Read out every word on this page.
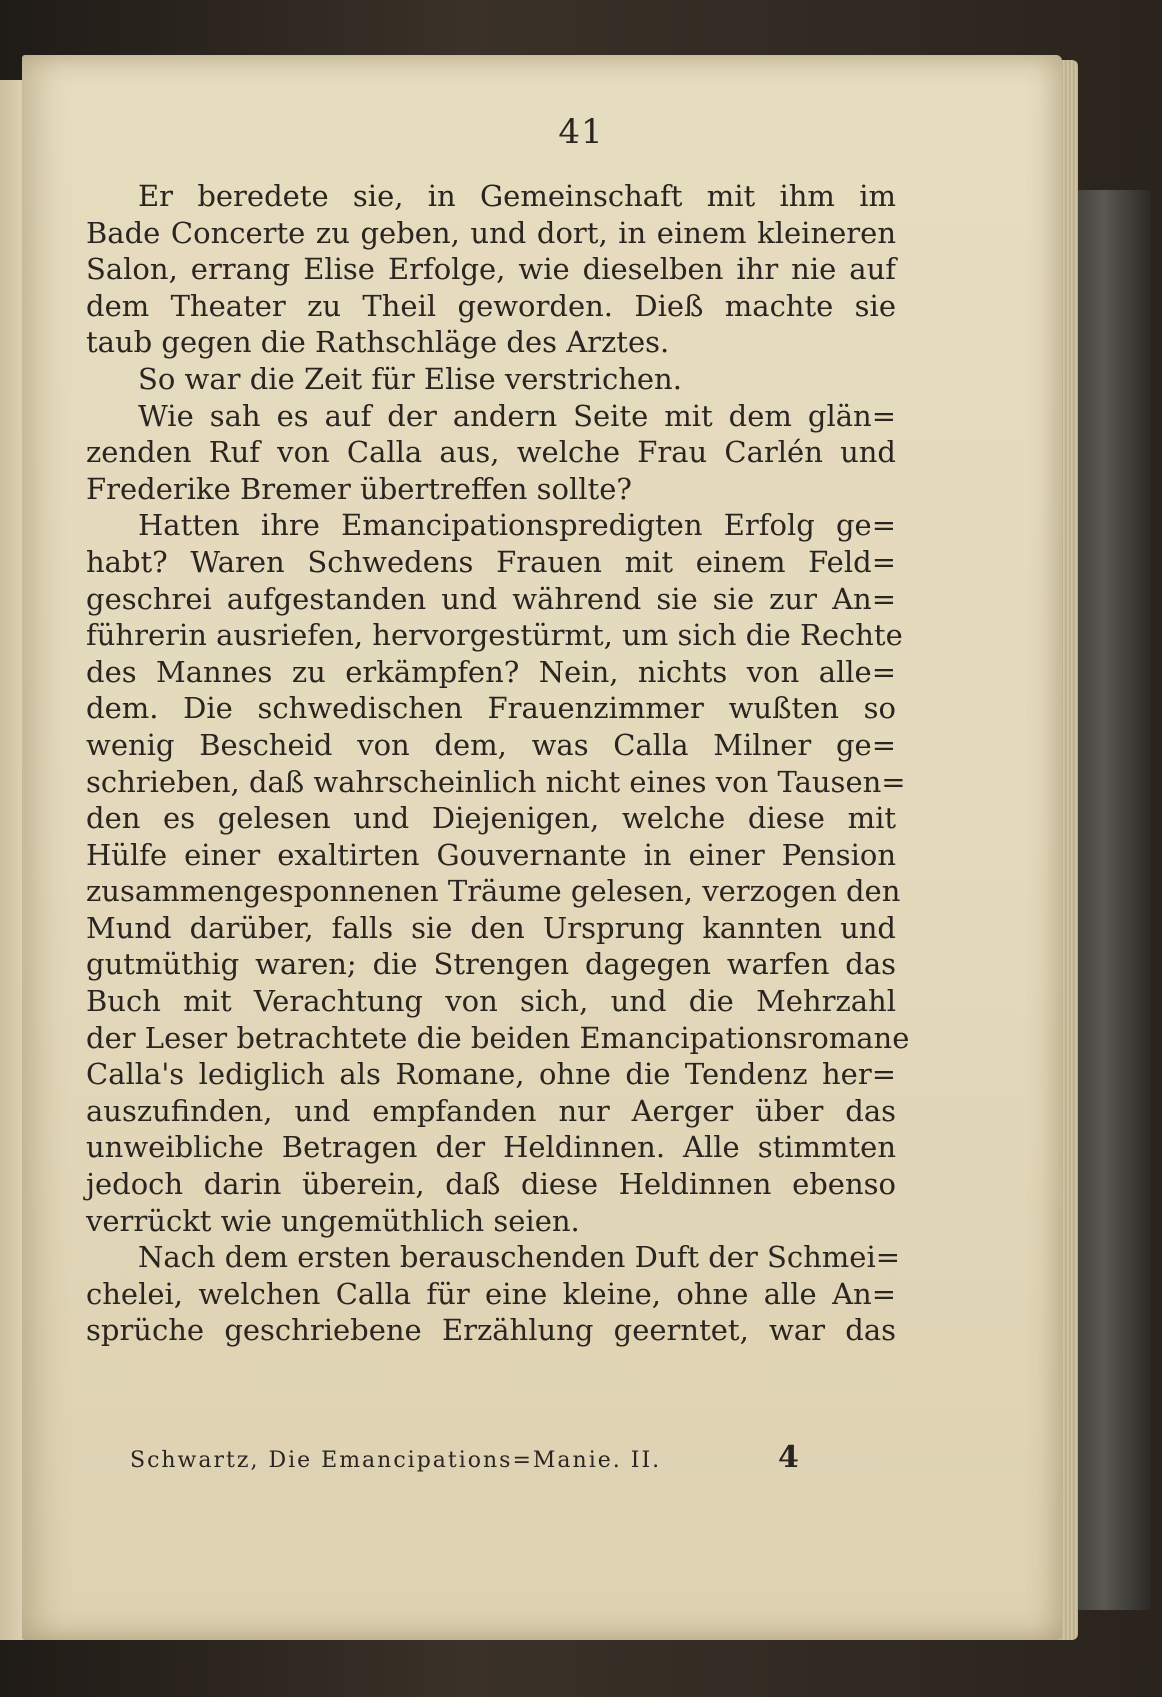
41
Er beredete sie, in Gemeinschaft mit ihm im
Bade Concerte zu geben, und dort, in einem kleineren
Salon, errang Elise Erfolge, wie dieselben ihr nie auf
dem Theater zu Theil geworden. Dieß machte sie
taub gegen die Rathschläge des Arztes.
So war die Zeit für Elise verstrichen.
Wie sah es auf der andern Seite mit dem glän=
zenden Ruf von Calla aus, welche Frau Carlén und
Frederike Bremer übertreffen sollte?
Hatten ihre Emancipationspredigten Erfolg ge=
habt? Waren Schwedens Frauen mit einem Feld=
geschrei aufgestanden und während sie sie zur An=
führerin ausriefen, hervorgestürmt, um sich die Rechte
des Mannes zu erkämpfen? Nein, nichts von alle=
dem. Die schwedischen Frauenzimmer wußten so
wenig Bescheid von dem, was Calla Milner ge=
schrieben, daß wahrscheinlich nicht eines von Tausen=
den es gelesen und Diejenigen, welche diese mit
Hülfe einer exaltirten Gouvernante in einer Pension
zusammengesponnenen Träume gelesen, verzogen den
Mund darüber, falls sie den Ursprung kannten und
gutmüthig waren; die Strengen dagegen warfen das
Buch mit Verachtung von sich, und die Mehrzahl
der Leser betrachtete die beiden Emancipationsromane
Calla's lediglich als Romane, ohne die Tendenz her=
auszufinden, und empfanden nur Aerger über das
unweibliche Betragen der Heldinnen. Alle stimmten
jedoch darin überein, daß diese Heldinnen ebenso
verrückt wie ungemüthlich seien.
Nach dem ersten berauschenden Duft der Schmei=
chelei, welchen Calla für eine kleine, ohne alle An=
sprüche geschriebene Erzählung geerntet, war das
Schwartz, Die Emancipations=Manie. II.	4
